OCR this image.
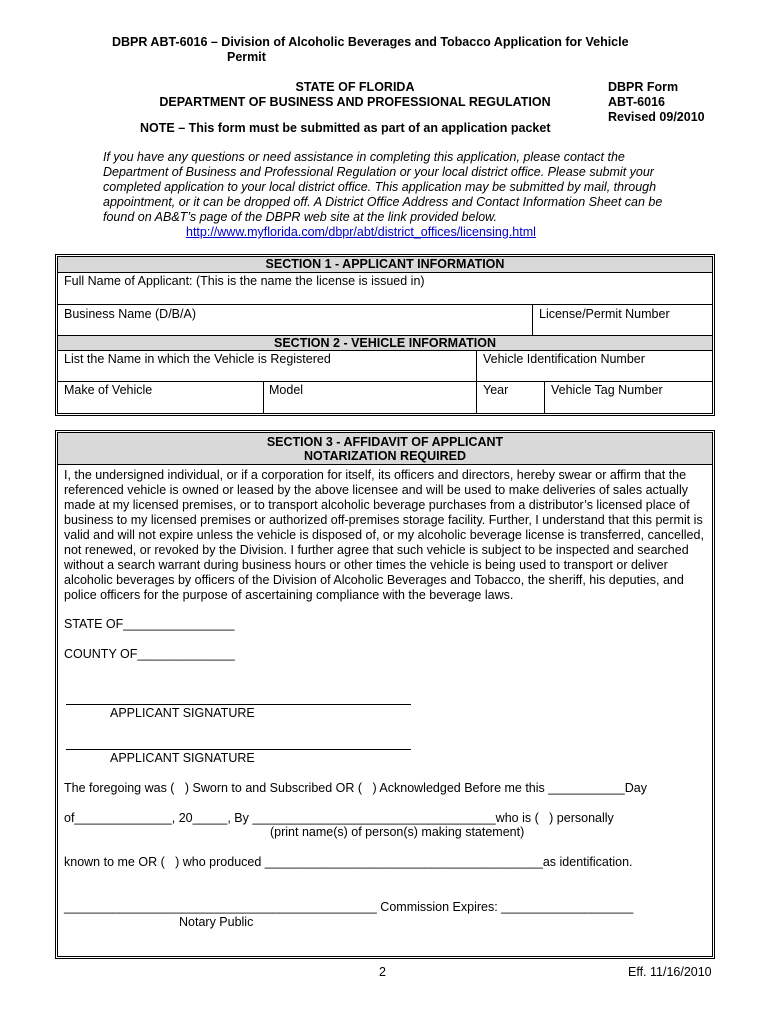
DBPR ABT-6016 – Division of Alcoholic Beverages and Tobacco Application for Vehicle
Permit
STATE OF FLORIDA
DEPARTMENT OF BUSINESS AND PROFESSIONAL REGULATION
DBPR Form
ABT-6016
Revised 09/2010
NOTE – This form must be submitted as part of an application packet
If you have any questions or need assistance in completing this application, please contact the Department of Business and Professional Regulation or your local district office. Please submit your completed application to your local district office. This application may be submitted by mail, through appointment, or it can be dropped off. A District Office Address and Contact Information Sheet can be found on AB&T’s page of the DBPR web site at the link provided below.
http://www.myflorida.com/dbpr/abt/district_offices/licensing.html
SECTION 1 - APPLICANT INFORMATION
Full Name of Applicant: (This is the name the license is issued in)
Business Name (D/B/A)	License/Permit Number
SECTION 2 - VEHICLE INFORMATION
List the Name in which the Vehicle is Registered	Vehicle Identification Number
Make of Vehicle	Model	Year	Vehicle Tag Number
SECTION 3 - AFFIDAVIT OF APPLICANT
NOTARIZATION REQUIRED
I, the undersigned individual, or if a corporation for itself, its officers and directors, hereby swear or affirm that the referenced vehicle is owned or leased by the above licensee and will be used to make deliveries of sales actually made at my licensed premises, or to transport alcoholic beverage purchases from a distributor’s licensed place of business to my licensed premises or authorized off-premises storage facility. Further, I understand that this permit is valid and will not expire unless the vehicle is disposed of, or my alcoholic beverage license is transferred, cancelled, not renewed, or revoked by the Division. I further agree that such vehicle is subject to be inspected and searched without a search warrant during business hours or other times the vehicle is being used to transport or deliver alcoholic beverages by officers of the Division of Alcoholic Beverages and Tobacco, the sheriff, his deputies, and police officers for the purpose of ascertaining compliance with the beverage laws.
STATE OF________________
COUNTY OF______________
APPLICANT SIGNATURE
APPLICANT SIGNATURE
The foregoing was (   ) Sworn to and Subscribed OR (   ) Acknowledged Before me this ___________Day
of______________, 20_____, By ___________________________________who is (   ) personally
(print name(s) of person(s) making statement)
known to me OR (   ) who produced ________________________________________as identification.
_____________________________________________ Commission Expires: ___________________
Notary Public
2	Eff. 11/16/2010
